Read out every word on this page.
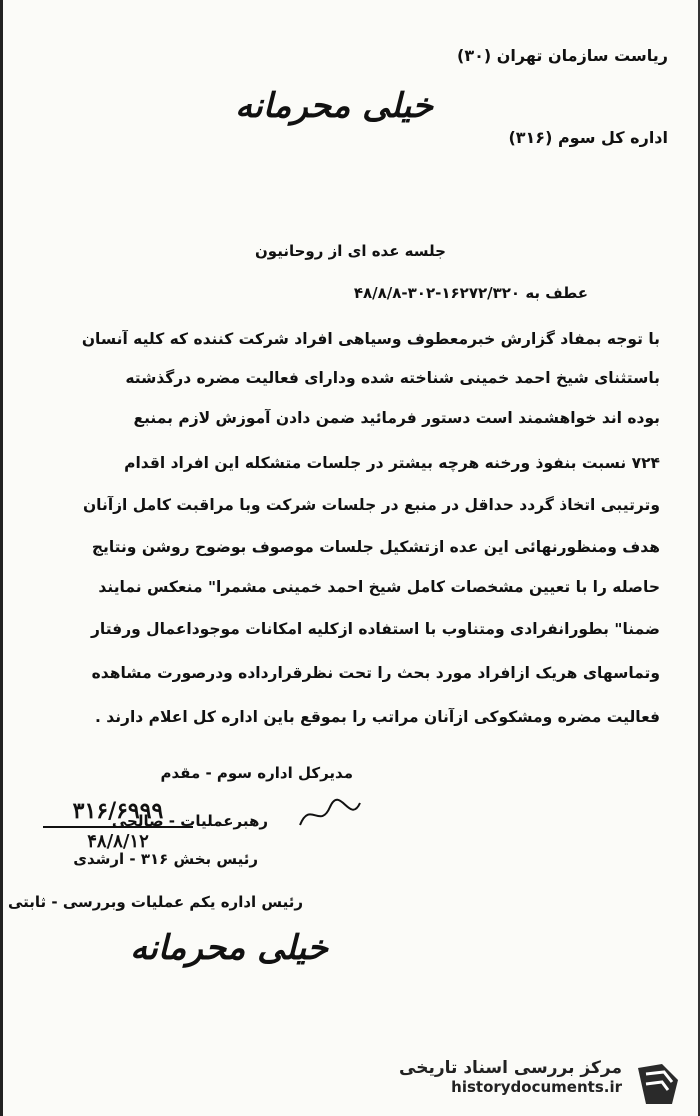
ریاست سازمان تهران (۳۰)
خیلی محرمانه
اداره کل سوم (۳۱۶)
جلسه عده ای از روحانیون
عطف به ۱۶۲۷۲/۳۲۰-۳۰۲-۴۸/۸/۸
با توجه بمفاد گزارش خبرمعطوف وسیاهی افراد شرکت کننده که کلیه آنسان
باستثنای شیخ احمد خمینی شناخته شده ودارای فعالیت مضره درگذشته
بوده اند خواهشمند است دستور فرمائید ضمن دادن آموزش لازم بمنبع
۷۲۴ نسبت بنفوذ ورخنه هرچه بیشتر در جلسات متشکله این افراد اقدام
وترتیبی اتخاذ گردد حداقل در منبع در جلسات شرکت وبا مراقبت کامل ازآنان
هدف ومنظورنهائی این عده ازتشکیل جلسات موصوف بوضوح روشن ونتایج
حاصله را با تعیین مشخصات کامل شیخ احمد خمینی مشمرا" منعکس نمایند
ضمنا" بطورانفرادی ومتناوب با استفاده ازکلیه امکانات موجوداعمال ورفتار
وتماسهای هریک ازافراد مورد بحث را تحت نظرقرارداده ودرصورت مشاهده
فعالیت مضره ومشکوکی ازآنان مراتب را بموقع باین اداره کل اعلام دارند .
مدیرکل اداره سوم - مقدم
۳۱۶/۶۹۹۹
۴۸/۸/۱۲
رهبرعملیات - صالحی
رئیس بخش ۳۱۶ - ارشدی
رئیس اداره یکم عملیات وبررسی - ثابتی
خیلی محرمانه
مرکز بررسی اسناد تاریخی
historydocuments.ir
